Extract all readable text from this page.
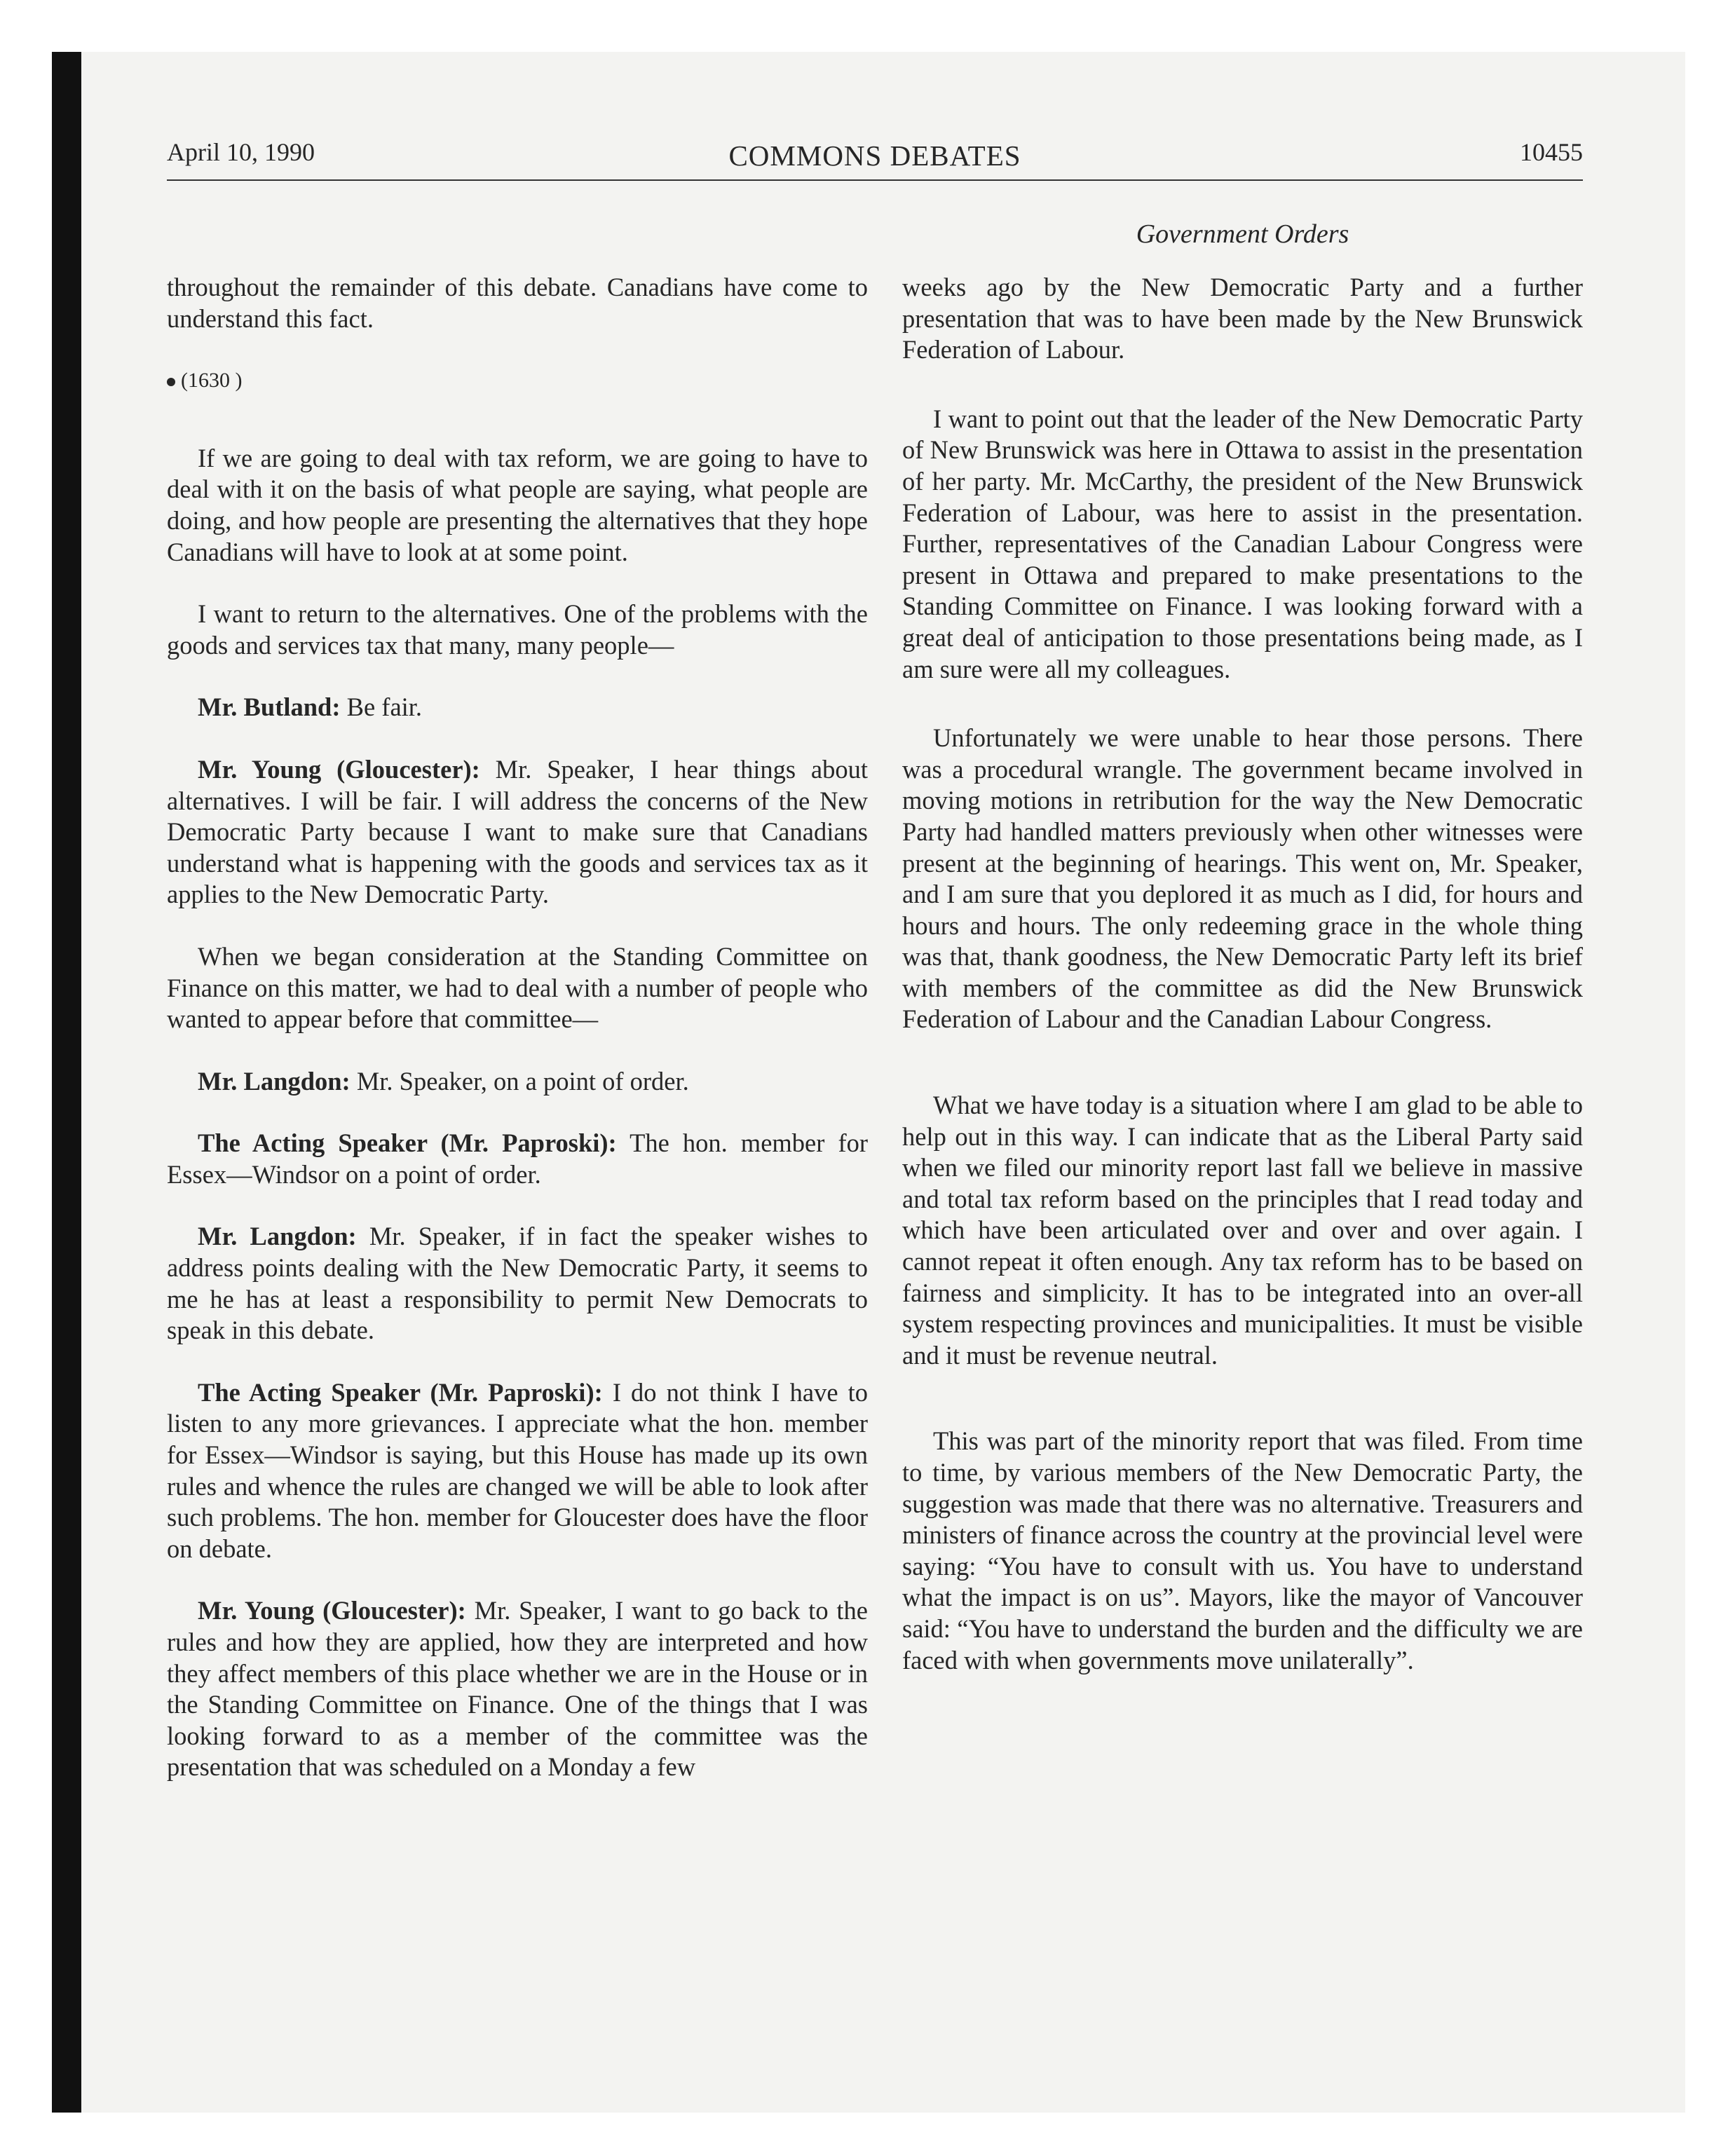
April 10, 1990	COMMONS DEBATES	10455
Government Orders

throughout the remainder of this debate. Canadians have come to understand this fact.

(1630 )

If we are going to deal with tax reform, we are going to have to deal with it on the basis of what people are saying, what people are doing, and how people are presenting the alternatives that they hope Canadians will have to look at at some point.

I want to return to the alternatives. One of the problems with the goods and services tax that many, many people—

Mr. Butland: Be fair.

Mr. Young (Gloucester): Mr. Speaker, I hear things about alternatives. I will be fair. I will address the concerns of the New Democratic Party because I want to make sure that Canadians understand what is happening with the goods and services tax as it applies to the New Democratic Party.

When we began consideration at the Standing Committee on Finance on this matter, we had to deal with a number of people who wanted to appear before that committee—

Mr. Langdon: Mr. Speaker, on a point of order.

The Acting Speaker (Mr. Paproski): The hon. member for Essex—Windsor on a point of order.

Mr. Langdon: Mr. Speaker, if in fact the speaker wishes to address points dealing with the New Democratic Party, it seems to me he has at least a responsibility to permit New Democrats to speak in this debate.

The Acting Speaker (Mr. Paproski): I do not think I have to listen to any more grievances. I appreciate what the hon. member for Essex—Windsor is saying, but this House has made up its own rules and whence the rules are changed we will be able to look after such problems. The hon. member for Gloucester does have the floor on debate.

Mr. Young (Gloucester): Mr. Speaker, I want to go back to the rules and how they are applied, how they are interpreted and how they affect members of this place whether we are in the House or in the Standing Committee on Finance. One of the things that I was looking forward to as a member of the committee was the presentation that was scheduled on a Monday a few

weeks ago by the New Democratic Party and a further presentation that was to have been made by the New Brunswick Federation of Labour.

I want to point out that the leader of the New Democratic Party of New Brunswick was here in Ottawa to assist in the presentation of her party. Mr. McCarthy, the president of the New Brunswick Federation of Labour, was here to assist in the presentation. Further, representatives of the Canadian Labour Congress were present in Ottawa and prepared to make presentations to the Standing Committee on Finance. I was looking forward with a great deal of anticipation to those presentations being made, as I am sure were all my colleagues.

Unfortunately we were unable to hear those persons. There was a procedural wrangle. The government became involved in moving motions in retribution for the way the New Democratic Party had handled matters previously when other witnesses were present at the beginning of hearings. This went on, Mr. Speaker, and I am sure that you deplored it as much as I did, for hours and hours and hours. The only redeeming grace in the whole thing was that, thank goodness, the New Democratic Party left its brief with members of the committee as did the New Brunswick Federation of Labour and the Canadian Labour Congress.

What we have today is a situation where I am glad to be able to help out in this way. I can indicate that as the Liberal Party said when we filed our minority report last fall we believe in massive and total tax reform based on the principles that I read today and which have been articulated over and over and over again. I cannot repeat it often enough. Any tax reform has to be based on fairness and simplicity. It has to be integrated into an over-all system respecting provinces and municipalities. It must be visible and it must be revenue neutral.

This was part of the minority report that was filed. From time to time, by various members of the New Democratic Party, the suggestion was made that there was no alternative. Treasurers and ministers of finance across the country at the provincial level were saying: “You have to consult with us. You have to understand what the impact is on us”. Mayors, like the mayor of Vancouver said: “You have to understand the burden and the difficulty we are faced with when governments move unilaterally”.
